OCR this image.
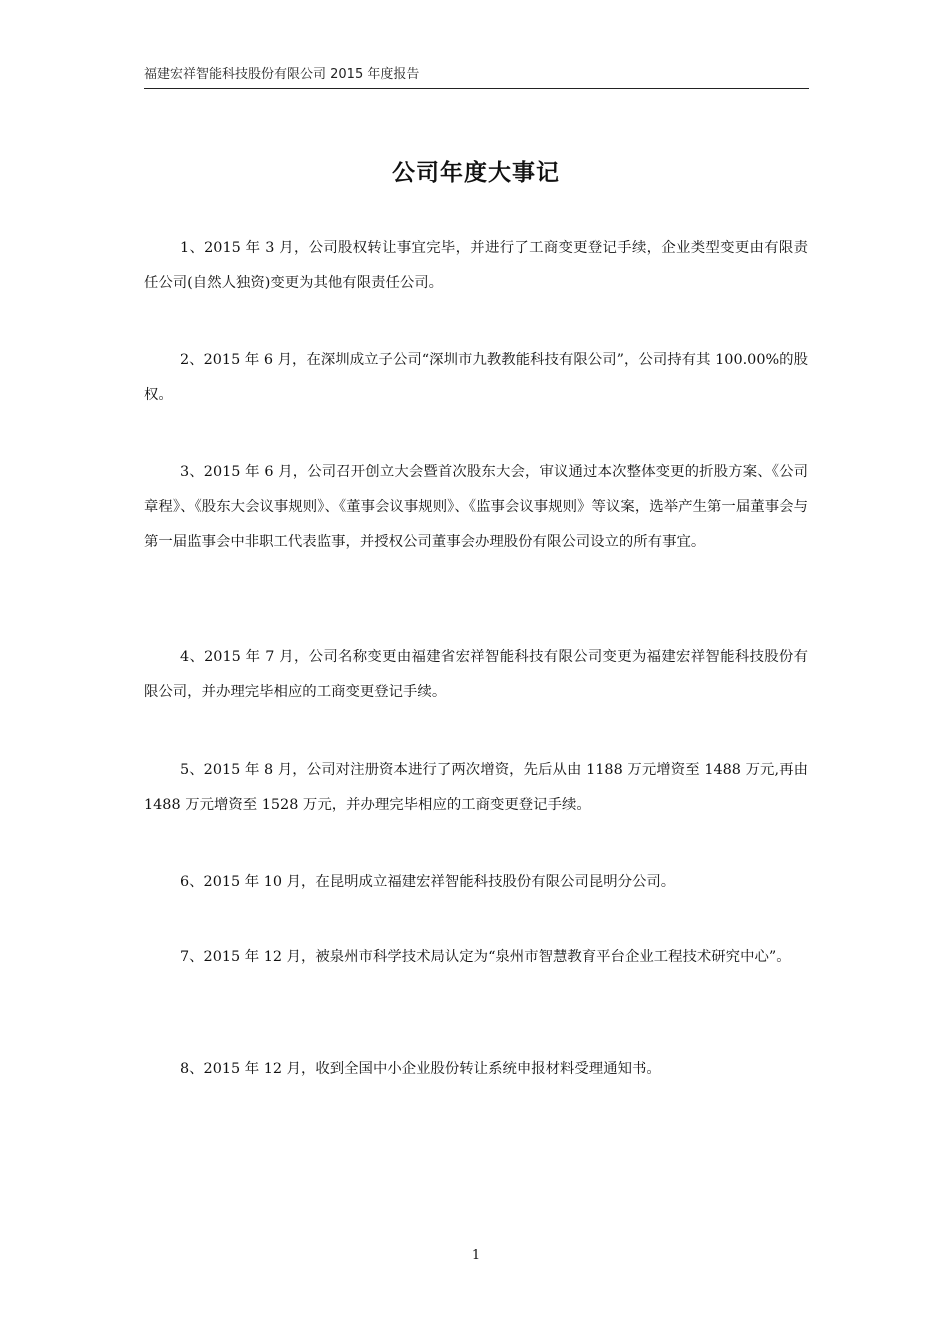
福建宏祥智能科技股份有限公司 2015 年度报告
公司年度大事记

1、2015 年 3 月，公司股权转让事宜完毕，并进行了工商变更登记手续，企业类型变更由有限责任公司(自然人独资)变更为其他有限责任公司。

2、2015 年 6 月，在深圳成立子公司“深圳市九教教能科技有限公司”，公司持有其 100.00%的股权。

3、2015 年 6 月，公司召开创立大会暨首次股东大会，审议通过本次整体变更的折股方案、《公司章程》、《股东大会议事规则》、《董事会议事规则》、《监事会议事规则》等议案，选举产生第一届董事会与第一届监事会中非职工代表监事，并授权公司董事会办理股份有限公司设立的所有事宜。

4、2015 年 7 月，公司名称变更由福建省宏祥智能科技有限公司变更为福建宏祥智能科技股份有限公司，并办理完毕相应的工商变更登记手续。

5、2015 年 8 月，公司对注册资本进行了两次增资，先后从由 1188 万元增资至 1488 万元,再由 1488 万元增资至 1528 万元，并办理完毕相应的工商变更登记手续。

6、2015 年 10 月，在昆明成立福建宏祥智能科技股份有限公司昆明分公司。

7、2015 年 12 月，被泉州市科学技术局认定为“泉州市智慧教育平台企业工程技术研究中心”。

8、2015 年 12 月，收到全国中小企业股份转让系统申报材料受理通知书。

1
